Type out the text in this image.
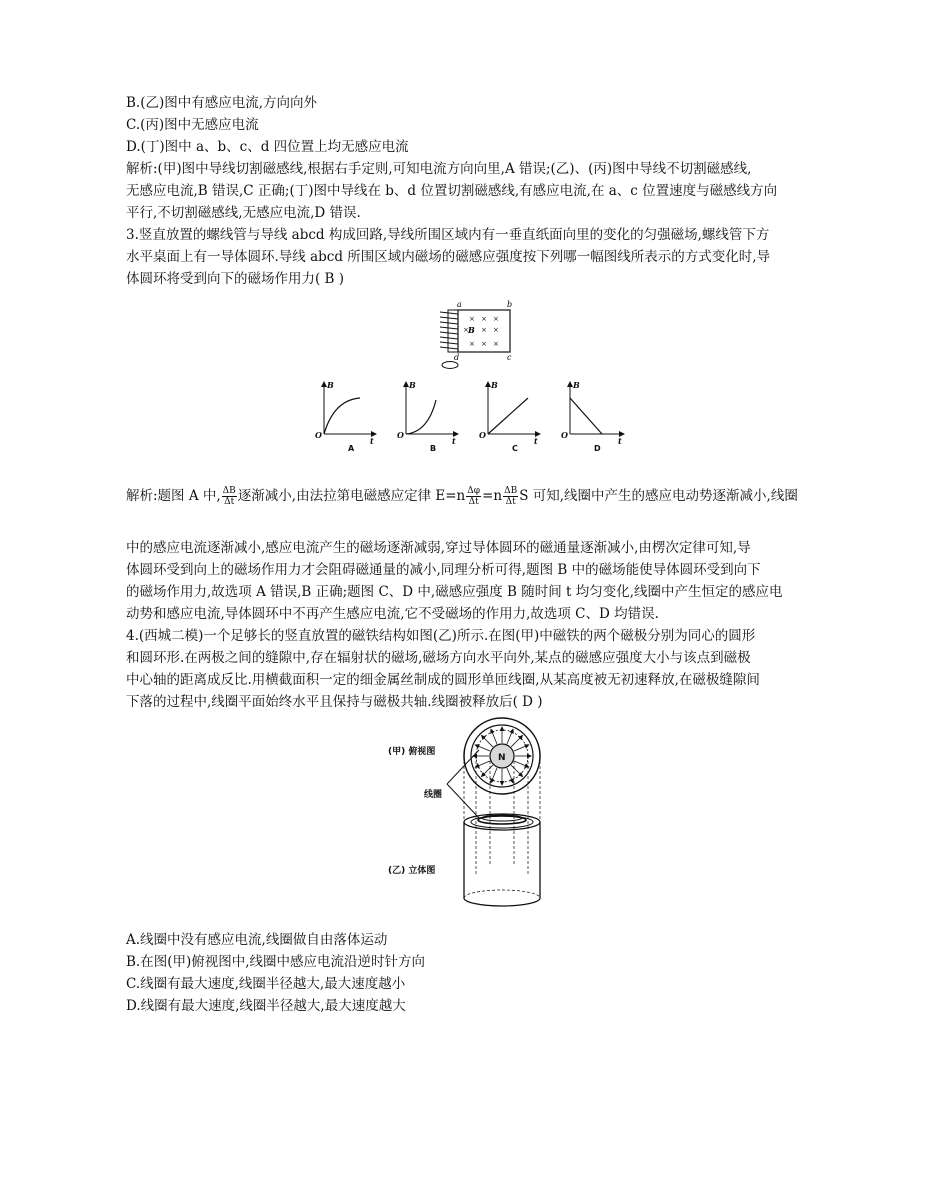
B.(乙)图中有感应电流,方向向外
C.(丙)图中无感应电流
D.(丁)图中 a、b、c、d 四位置上均无感应电流
解析:(甲)图中导线切割磁感线,根据右手定则,可知电流方向向里,A 错误;(乙)、(丙)图中导线不切割磁感线,
无感应电流,B 错误,C 正确;(丁)图中导线在 b、d 位置切割磁感线,有感应电流,在 a、c 位置速度与磁感线方向
平行,不切割磁感线,无感应电流,D 错误.
3.竖直放置的螺线管与导线 abcd 构成回路,导线所围区域内有一垂直纸面向里的变化的匀强磁场,螺线管下方
水平桌面上有一导体圆环.导线 abcd 所围区域内磁场的磁感应强度按下列哪一幅图线所表示的方式变化时,导
体圆环将受到向下的磁场作用力( B )
× × ×
× ×
× × ×
× B
a	b
c
d
B
t
O
B
t
O
B
t
O
B
t
O
A	B	C	D
解析:题图 A 中, $\frac{\Delta B}{\Delta t}$ 逐渐减小,由法拉第电磁感应定律 $E=n \frac{\Delta\varphi}{\Delta t} =n \frac{\Delta B}{\Delta t}$ S 可知,线圈中产生的感应电动势逐渐减小,线圈
中的感应电流逐渐减小,感应电流产生的磁场逐渐减弱,穿过导体圆环的磁通量逐渐减小,由楞次定律可知,导
体圆环受到向上的磁场作用力才会阻碍磁通量的减小,同理分析可得,题图 B 中的磁场能使导体圆环受到向下
的磁场作用力,故选项 A 错误,B 正确;题图 C、D 中,磁感应强度 B 随时间 t 均匀变化,线圈中产生恒定的感应电
动势和感应电流,导体圆环中不再产生感应电流,它不受磁场的作用力,故选项 C、D 均错误.
4.(西城二模)一个足够长的竖直放置的磁铁结构如图(乙)所示.在图(甲)中磁铁的两个磁极分别为同心的圆形
和圆环形.在两极之间的缝隙中,存在辐射状的磁场,磁场方向水平向外,某点的磁感应强度大小与该点到磁极
中心轴的距离成反比.用横截面积一定的细金属丝制成的圆形单匝线圈,从某高度被无初速释放,在磁极缝隙间
下落的过程中,线圈平面始终水平且保持与磁极共轴.线圈被释放后( D )
N
(甲) 俯视图
线圈
(乙) 立体图
A.线圈中没有感应电流,线圈做自由落体运动
B.在图(甲)俯视图中,线圈中感应电流沿逆时针方向
C.线圈有最大速度,线圈半径越大,最大速度越小
D.线圈有最大速度,线圈半径越大,最大速度越大
